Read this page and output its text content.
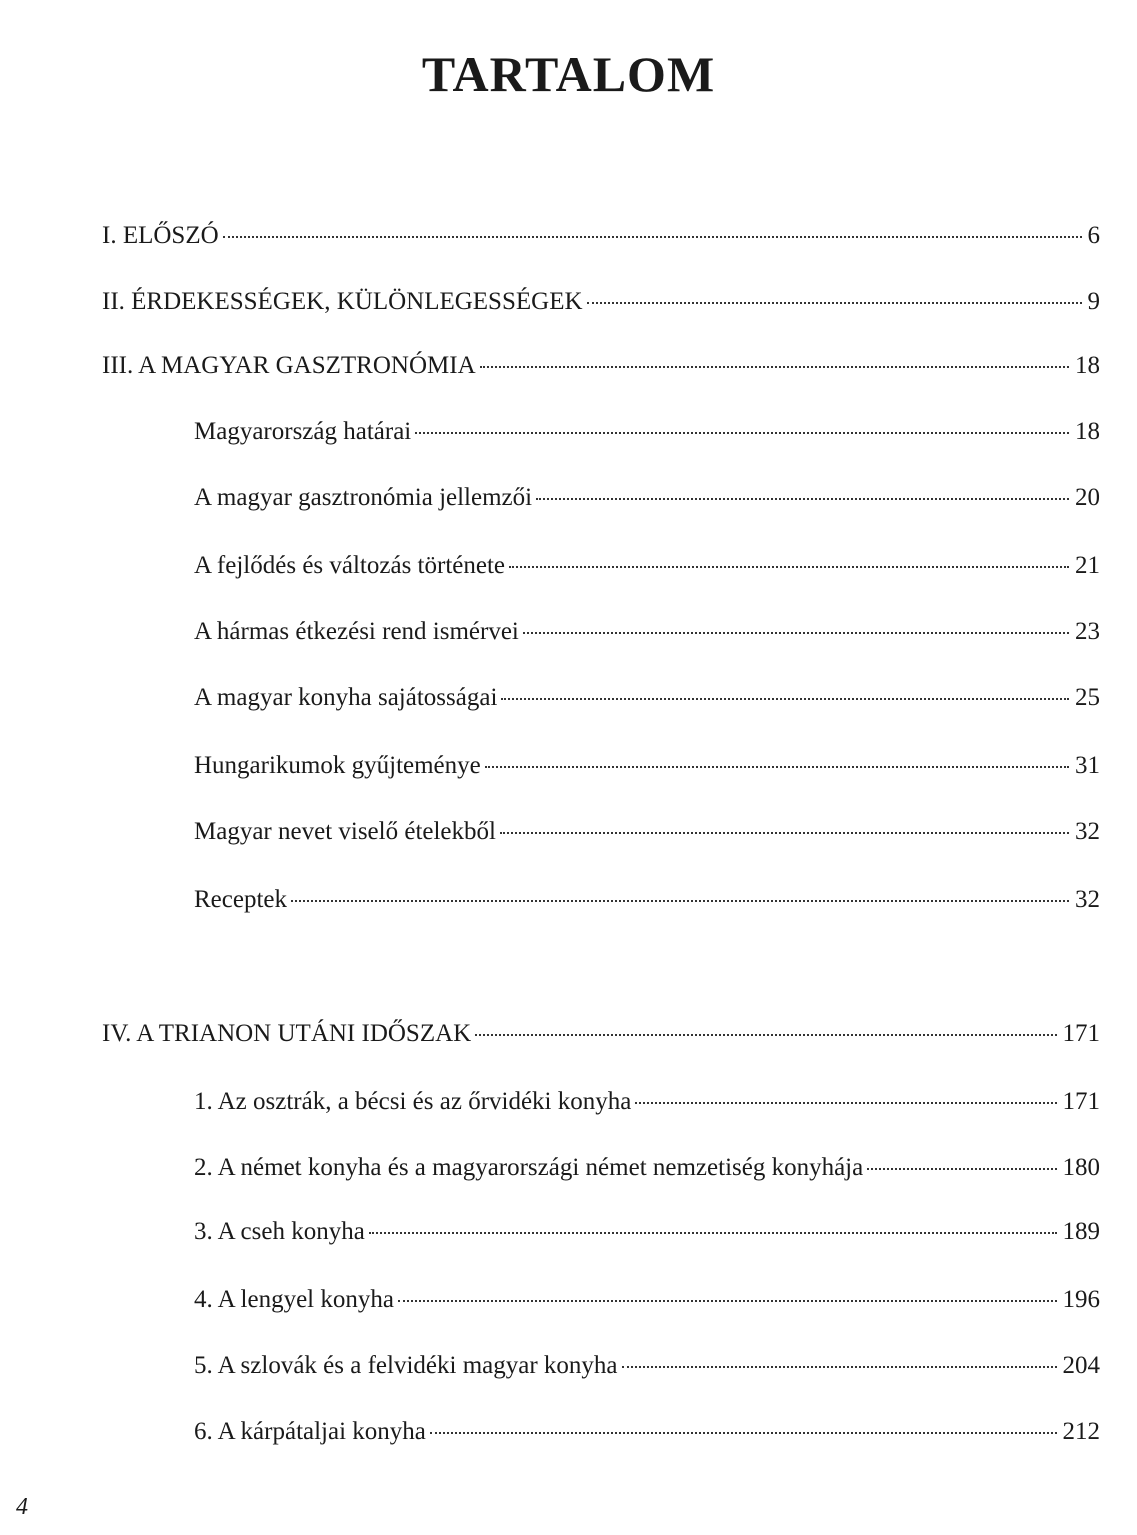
TARTALOM
I. ELŐSZÓ	6
II. ÉRDEKESSÉGEK, KÜLÖNLEGESSÉGEK	9
III. A MAGYAR GASZTRONÓMIA	18
Magyarország határai	18
A magyar gasztronómia jellemzői	20
A fejlődés és változás története	21
A hármas étkezési rend ismérvei	23
A magyar konyha sajátosságai	25
Hungarikumok gyűjteménye	31
Magyar nevet viselő ételekből	32
Receptek	32
IV. A TRIANON UTÁNI IDŐSZAK	171
1. Az osztrák, a bécsi és az őrvidéki konyha	171
2. A német konyha és a magyarországi német nemzetiség konyhája	180
3. A cseh konyha	189
4. A lengyel konyha	196
5. A szlovák és a felvidéki magyar konyha	204
6. A kárpátaljai konyha	212
4
